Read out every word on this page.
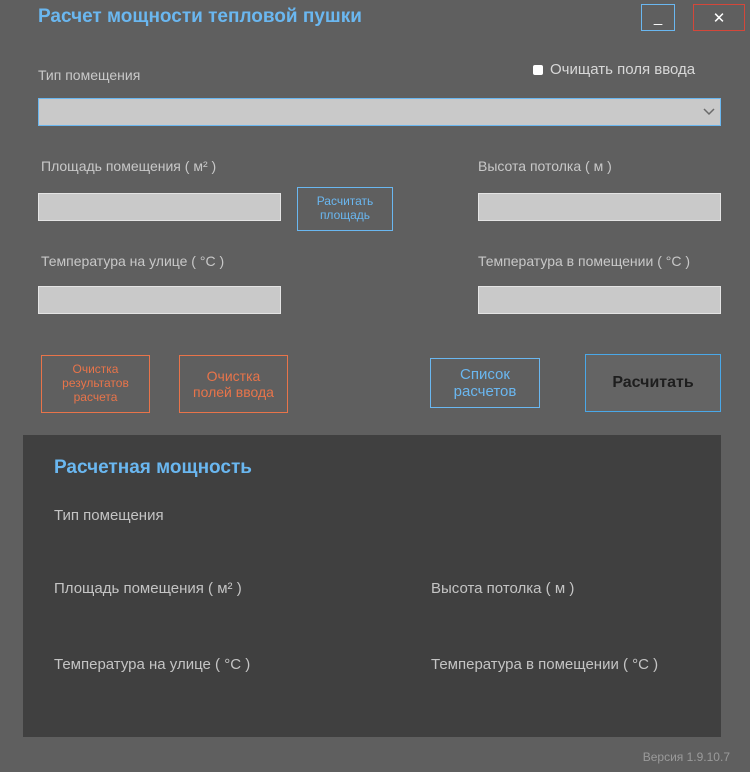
Расчет мощности тепловой пушки	_	✕
Тип помещения	Очищать поля ввода
Площадь помещения ( м² )
Расчитать площадь
Высота потолка ( м )
Температура на улице ( °С )	Температура в помещении ( °С )
Очистка результатов расчета
Очистка полей ввода
Список расчетов
Расчитать
Расчетная мощность
Тип помещения
Площадь помещения ( м² )	Высота потолка ( м )
Температура на улице ( °С )	Температура в помещении ( °С )
Версия 1.9.10.7
